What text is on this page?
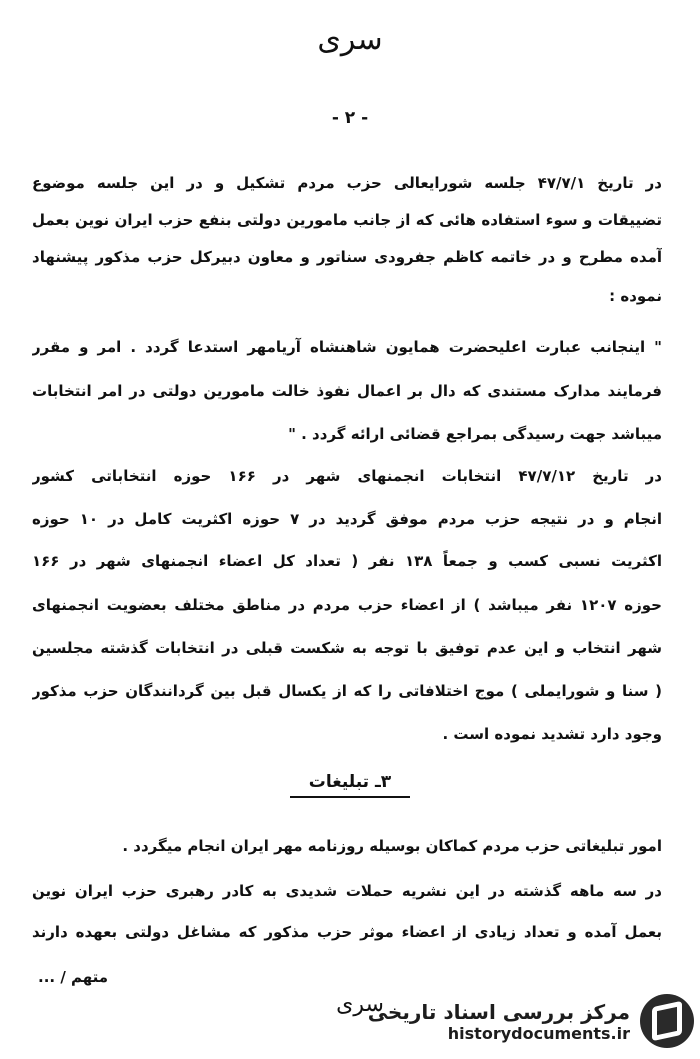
سری
- ۲ -
در تاریخ ۴۷/۷/۱ جلسه شورایعالی حزب مردم تشکیل و در این جلسه موضوع
تضییقات و سوء استفاده هائی که از جانب مامورین دولتی بنفع حزب ایران نوین بعمل
آمده مطرح و در خاتمه کاظم جفرودی سناتور و معاون دبیرکل حزب مذکور پیشنهاد
نموده :
" اینجانب عبارت اعلیحضرت همایون شاهنشاه آریامهر استدعا گردد . امر و مقرر
فرمایند مدارک مستندی که دال بر اعمال نفوذ خالت مامورین دولتی در امر انتخابات
میباشد جهت رسیدگی بمراجع قضائی ارائه گردد . "
در تاریخ ۴۷/۷/۱۲ انتخابات انجمنهای شهر در ۱۶۶ حوزه انتخاباتی کشور
انجام و در نتیجه حزب مردم موفق گردید در ۷ حوزه اکثریت کامل در ۱۰ حوزه
اکثریت نسبی کسب و جمعاً ۱۳۸ نفر ( تعداد کل اعضاء انجمنهای شهر در ۱۶۶
حوزه ۱۲۰۷ نفر میباشد ) از اعضاء حزب مردم در مناطق مختلف بعضویت انجمنهای
شهر انتخاب و این عدم توفیق با توجه به شکست قبلی در انتخابات گذشته مجلسین
( سنا و شورایملی ) موج اختلافاتی را که از یکسال قبل بین گردانندگان حزب مذکور
وجود دارد تشدید نموده است .
۳ـ تبلیغات
امور تبلیغاتی حزب مردم کماکان بوسیله روزنامه مهر ایران انجام میگردد .
در سه ماهه گذشته در این نشریه حملات شدیدی به کادر رهبری حزب ایران نوین
بعمل آمده و تعداد زیادی از اعضاء موثر حزب مذکور که مشاغل دولتی بعهده دارند
متهم / ...
سری
مرکز بررسی اسناد تاریخی
historydocuments.ir
